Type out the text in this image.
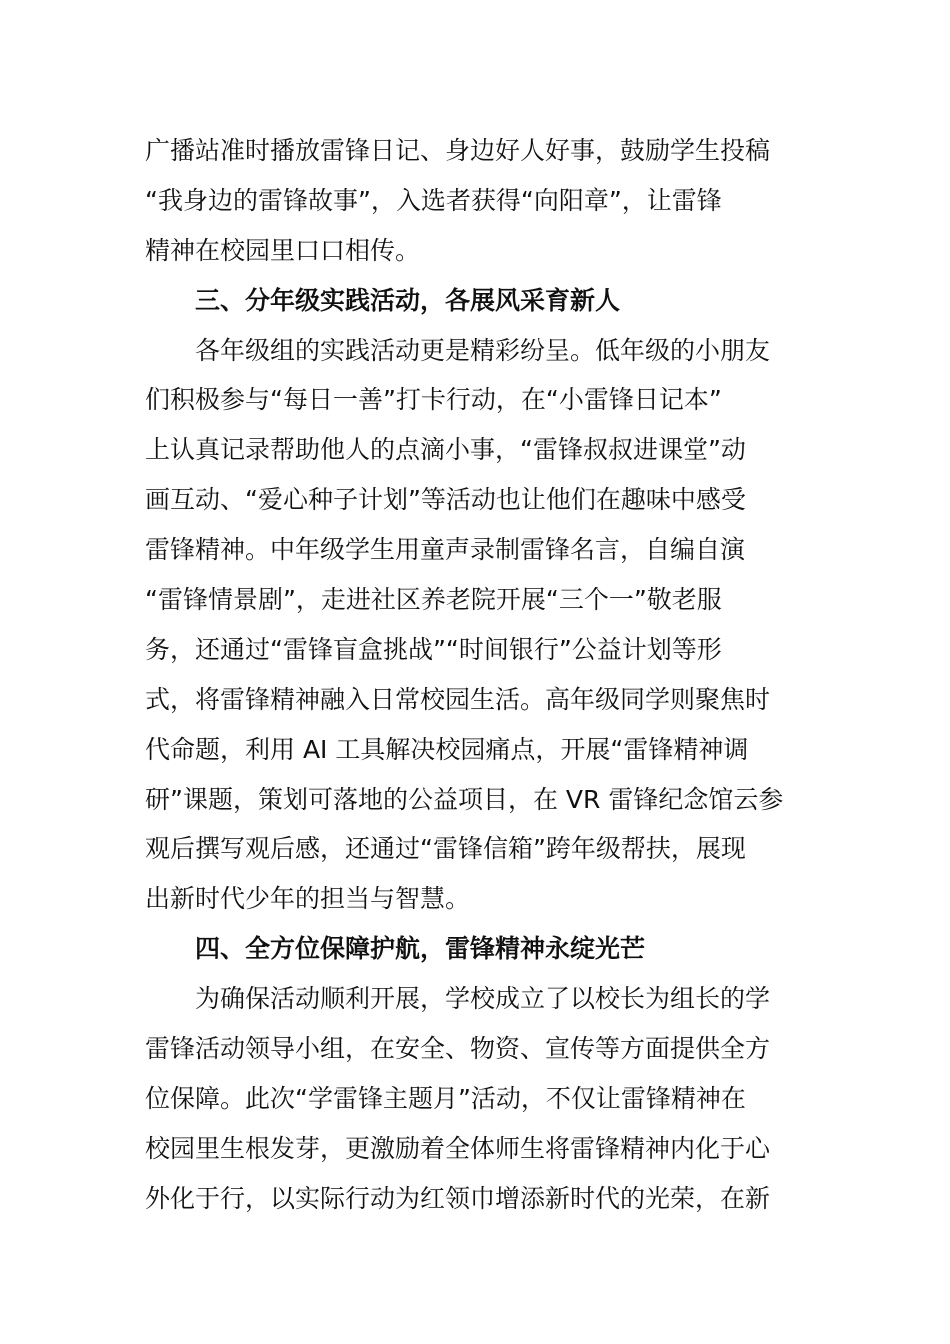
广播站准时播放雷锋日记、身边好人好事，鼓励学生投稿
“我身边的雷锋故事”，入选者获得“向阳章”，让雷锋
精神在校园里口口相传。
三、分年级实践活动，各展风采育新人
各年级组的实践活动更是精彩纷呈。低年级的小朋友
们积极参与“每日一善”打卡行动，在“小雷锋日记本”
上认真记录帮助他人的点滴小事，“雷锋叔叔进课堂”动
画互动、“爱心种子计划”等活动也让他们在趣味中感受
雷锋精神。中年级学生用童声录制雷锋名言，自编自演
“雷锋情景剧”，走进社区养老院开展“三个一”敬老服
务，还通过“雷锋盲盒挑战”“时间银行”公益计划等形
式，将雷锋精神融入日常校园生活。高年级同学则聚焦时
代命题，利用 AI 工具解决校园痛点，开展“雷锋精神调
研”课题，策划可落地的公益项目，在 VR 雷锋纪念馆云参
观后撰写观后感，还通过“雷锋信箱”跨年级帮扶，展现
出新时代少年的担当与智慧。
四、全方位保障护航，雷锋精神永绽光芒
为确保活动顺利开展，学校成立了以校长为组长的学
雷锋活动领导小组，在安全、物资、宣传等方面提供全方
位保障。此次“学雷锋主题月”活动，不仅让雷锋精神在
校园里生根发芽，更激励着全体师生将雷锋精神内化于心
外化于行，以实际行动为红领巾增添新时代的光荣，在新
